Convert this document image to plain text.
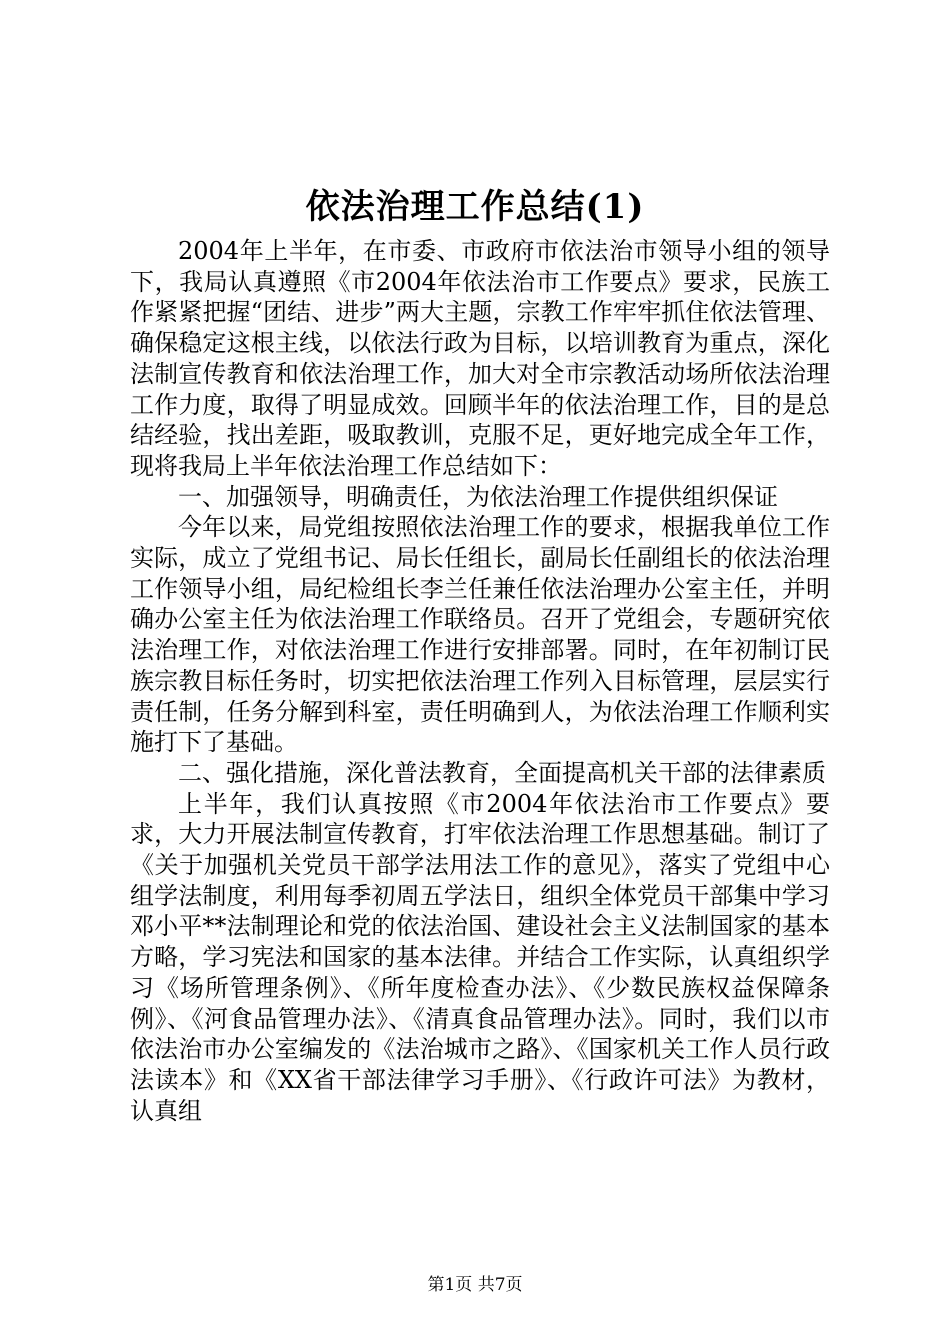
依法治理工作总结(1)

2004年上半年，在市委、市政府市依法治市领导小组的领导下，我局认真遵照《市2004年依法治市工作要点》要求，民族工作紧紧把握“团结、进步”两大主题，宗教工作牢牢抓住依法管理、确保稳定这根主线，以依法行政为目标，以培训教育为重点，深化法制宣传教育和依法治理工作，加大对全市宗教活动场所依法治理工作力度，取得了明显成效。回顾半年的依法治理工作，目的是总结经验，找出差距，吸取教训，克服不足，更好地完成全年工作，现将我局上半年依法治理工作总结如下：

一、加强领导，明确责任，为依法治理工作提供组织保证

今年以来，局党组按照依法治理工作的要求，根据我单位工作实际，成立了党组书记、局长任组长，副局长任副组长的依法治理工作领导小组，局纪检组长李兰任兼任依法治理办公室主任，并明确办公室主任为依法治理工作联络员。召开了党组会，专题研究依法治理工作，对依法治理工作进行安排部署。同时，在年初制订民族宗教目标任务时，切实把依法治理工作列入目标管理，层层实行责任制，任务分解到科室，责任明确到人，为依法治理工作顺利实施打下了基础。

二、强化措施，深化普法教育，全面提高机关干部的法律素质

上半年，我们认真按照《市2004年依法治市工作要点》要求，大力开展法制宣传教育，打牢依法治理工作思想基础。制订了《关于加强机关党员干部学法用法工作的意见》，落实了党组中心组学法制度，利用每季初周五学法日，组织全体党员干部集中学习邓小平**法制理论和党的依法治国、建设社会主义法制国家的基本方略，学习宪法和国家的基本法律。并结合工作实际，认真组织学习《场所管理条例》、《所年度检查办法》、《少数民族权益保障条例》、《河食品管理办法》、《清真食品管理办法》。同时，我们以市依法治市办公室编发的《法治城市之路》、《国家机关工作人员行政法读本》和《XX省干部法律学习手册》、《行政许可法》为教材，认真组

第1页 共7页
